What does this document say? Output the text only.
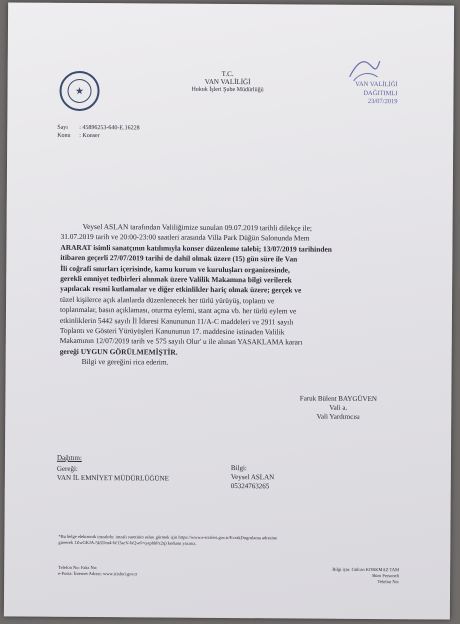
T.C.
VAN VALİLİĞİ
Hukuk İşleri Şube Müdürlüğü
VAN VALİLİĞİ
DAĞITIMLI
23/07/2019
Sayı : 45896253-640-E.16228
Konu : Konser
Veysel ASLAN tarafından Valiliğimize sunulan 09.07.2019 tarihli dilekçe ile;
31.07.2019 tarih ve 20:00-23:00 saatleri arasında Villa Park Düğün Salonunda Mem
ARARAT isimli sanatçının katılımıyla konser düzenleme talebi; 13/07/2019 tarihinden
itibaren geçerli 27/07/2019 tarihi de dahil olmak üzere (15) gün süre ile Van
İli coğrafi sınırları içerisinde, kamu kurum ve kuruluşları organizesinde,
gerekli emniyet tedbirleri alınmak üzere Valilik Makamına bilgi verilerek
yapılacak resmi kutlamalar ve diğer etkinlikler hariç olmak üzere; gerçek ve
tüzel kişilerce açık alanlarda düzenlenecek her türlü yürüyüş, toplantı ve
toplanmalar, basın açıklaması, oturma eylemi, stant açma vb. her türlü eylem ve
etkinliklerin 5442 sayılı İl İdaresi Kanununun 11/A-C maddeleri ve 2911 sayılı
Toplantı ve Gösteri Yürüyüşleri Kanununun 17. maddesine istinaden Valilik
Makamının 12/07/2019 tarih ve 575 sayılı Olur' u ile alınan YASAKLAMA kararı
gereği UYGUN GÖRÜLMEMİŞTİR.
Bilgi ve gereğini rica ederim.
Faruk Bülent BAYGÜVEN
Vali a.
Vali Yardımcısı
Dağıtım:
Gereği:
VAN İL EMNİYET MÜDÜRLÜĞÜNE
Bilgi:
Veysel ASLAN
05324763265
*Bu belge elektronik imzalıdır. imzalı suretinin aslını görmek için https://www.e-icisleri.gov.tr/EvrakDogrulama adresine
gireerek 1ZwGKJA-5k5Dm4-W13acV-W2w6+q-tphbPz2q) kodunu yazınız.
Telefon No: Faks No:
e-Posta: İnternet Adresi: www.icisleri.gov.tr
Bilgi için: Gülcan KORKMAZ TAM
Büro Personeli
Telefon No:
